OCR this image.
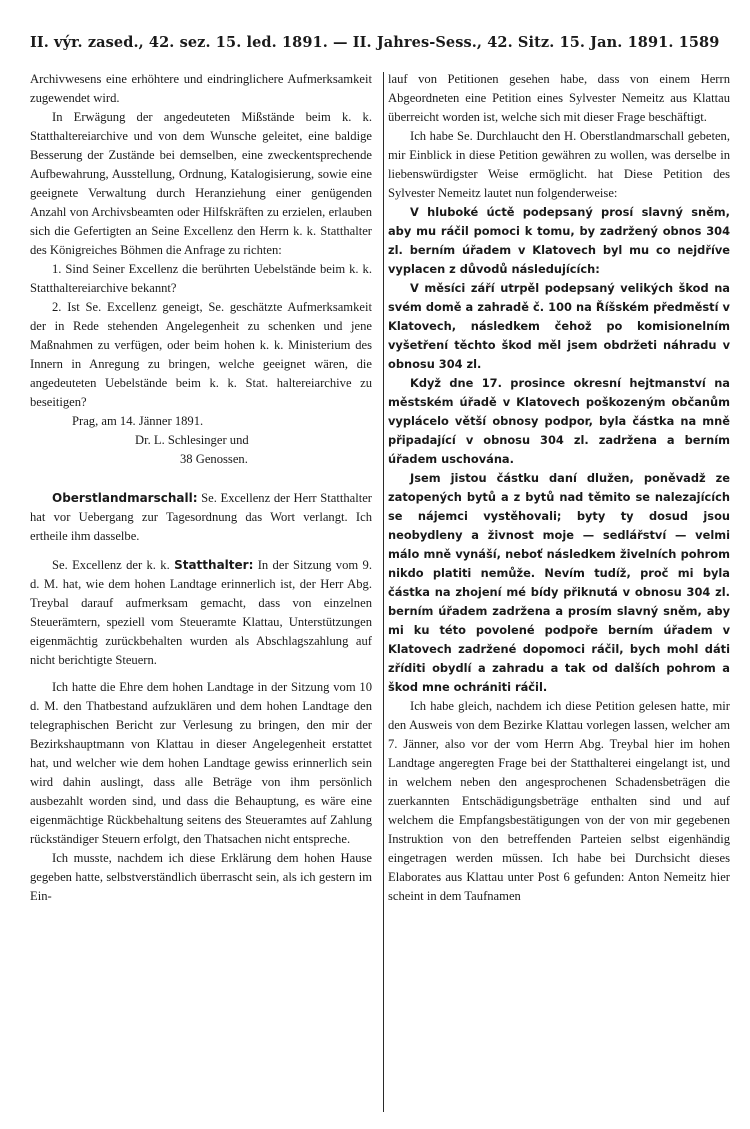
II. výr. zased., 42. sez. 15. led. 1891. — II. Jahres-Sess., 42. Sitz. 15. Jan. 1891. 1589

Archivwesens eine erhöhtere und eindringlichere Aufmerksamkeit zugewendet wird.

In Erwägung der angedeuteten Mißstände beim k. k. Statthaltereiarchive und von dem Wunsche geleitet, eine baldige Besserung der Zustände bei demselben, eine zweckentsprechende Aufbewahrung, Ausstellung, Ordnung, Katalogisierung, sowie eine geeignete Verwaltung durch Heranziehung einer genügenden Anzahl von Archivsbeamten oder Hilfskräften zu erzielen, erlauben sich die Gefertigten an Seine Excellenz den Herrn k. k. Statthalter des Königreiches Böhmen die Anfrage zu richten:

1. Sind Seiner Excellenz die berührten Uebelstände beim k. k. Statthaltereiarchive bekannt?

2. Ist Se. Excellenz geneigt, Se. geschätzte Aufmerksamkeit der in Rede stehenden Angelegenheit zu schenken und jene Maßnahmen zu verfügen, oder beim hohen k. k. Ministerium des Innern in Anregung zu bringen, welche geeignet wären, die angedeuteten Uebelstände beim k. k. Stat. haltereiarchive zu beseitigen?

Prag, am 14. Jänner 1891.

Dr. L. Schlesinger und

38 Genossen.

Oberstlandmarschall: Se. Excellenz der Herr Statthalter hat vor Uebergang zur Tagesordnung das Wort verlangt. Ich ertheile ihm dasselbe.

Se. Excellenz der k. k. Statthalter: In der Sitzung vom 9. d. M. hat, wie dem hohen Landtage erinnerlich ist, der Herr Abg. Treybal darauf aufmerksam gemacht, dass von einzelnen Steuerämtern, speziell vom Steueramte Klattau, Unterstützungen eigenmächtig zurückbehalten wurden als Abschlagszahlung auf nicht berichtigte Steuern.

Ich hatte die Ehre dem hohen Landtage in der Sitzung vom 10 d. M. den Thatbestand aufzuklären und dem hohen Landtage den telegraphischen Bericht zur Verlesung zu bringen, den mir der Bezirkshauptmann von Klattau in dieser Angelegenheit erstattet hat, und welcher wie dem hohen Landtage gewiss erinnerlich sein wird dahin auslingt, dass alle Beträge von ihm persönlich ausbezahlt worden sind, und dass die Behauptung, es wäre eine eigenmächtige Rückbehaltung seitens des Steueramtes auf Zahlung rückständiger Steuern erfolgt, den Thatsachen nicht entspreche.

Ich musste, nachdem ich diese Erklärung dem hohen Hause gegeben hatte, selbstverständlich überrascht sein, als ich gestern im Ein-

lauf von Petitionen gesehen habe, dass von einem Herrn Abgeordneten eine Petition eines Sylvester Nemeitz aus Klattau überreicht worden ist, welche sich mit dieser Frage beschäftigt.

Ich habe Se. Durchlaucht den H. Oberstlandmarschall gebeten, mir Einblick in diese Petition gewähren zu wollen, was derselbe in liebenswürdigster Weise ermöglicht. hat Diese Petition des Sylvester Nemeitz lautet nun folgenderweise:

V hluboké úctě podepsaný prosí slavný sněm, aby mu ráčil pomoci k tomu, by zadržený obnos 304 zl. berním úřadem v Klatovech byl mu co nejdříve vyplacen z důvodů následujících:

V měsíci září utrpěl podepsaný velikých škod na svém domě a zahradě č. 100 na Říšském předměstí v Klatovech, následkem čehož po komisionelním vyšetření těchto škod měl jsem obdržeti náhradu v obnosu 304 zl.

Když dne 17. prosince okresní hejtmanství na městském úřadě v Klatovech poškozeným občanům vyplácelo větší obnosy podpor, byla částka na mně připadající v obnosu 304 zl. zadržena a berním úřadem uschována.

Jsem jistou částku daní dlužen, poněvadž ze zatopených bytů a z bytů nad těmito se nalezajících se nájemci vystěhovali; byty ty dosud jsou neobydleny a živnost moje — sedlářství — velmi málo mně vynáší, neboť následkem živelních pohrom nikdo platiti nemůže. Nevím tudíž, proč mi byla částka na zhojení mé bídy přiknutá v obnosu 304 zl. berním úřadem zadržena a prosím slavný sněm, aby mi ku této povolené podpoře berním úřadem v Klatovech zadržené dopomoci ráčil, bych mohl dáti zříditi obydlí a zahradu a tak od dalších pohrom a škod mne ochrániti ráčil.

Ich habe gleich, nachdem ich diese Petition gelesen hatte, mir den Ausweis von dem Bezirke Klattau vorlegen lassen, welcher am 7. Jänner, also vor der vom Herrn Abg. Treybal hier im hohen Landtage angeregten Frage bei der Statthalterei eingelangt ist, und in welchem neben den angesprochenen Schadensbeträgen die zuerkannten Entschädigungsbeträge enthalten sind und auf welchem die Empfangsbestätigungen von der von mir gegebenen Instruktion von den betreffenden Parteien selbst eigenhändig eingetragen werden müssen. Ich habe bei Durchsicht dieses Elaborates aus Klattau unter Post 6 gefunden: Anton Nemeitz hier scheint in dem Taufnamen
